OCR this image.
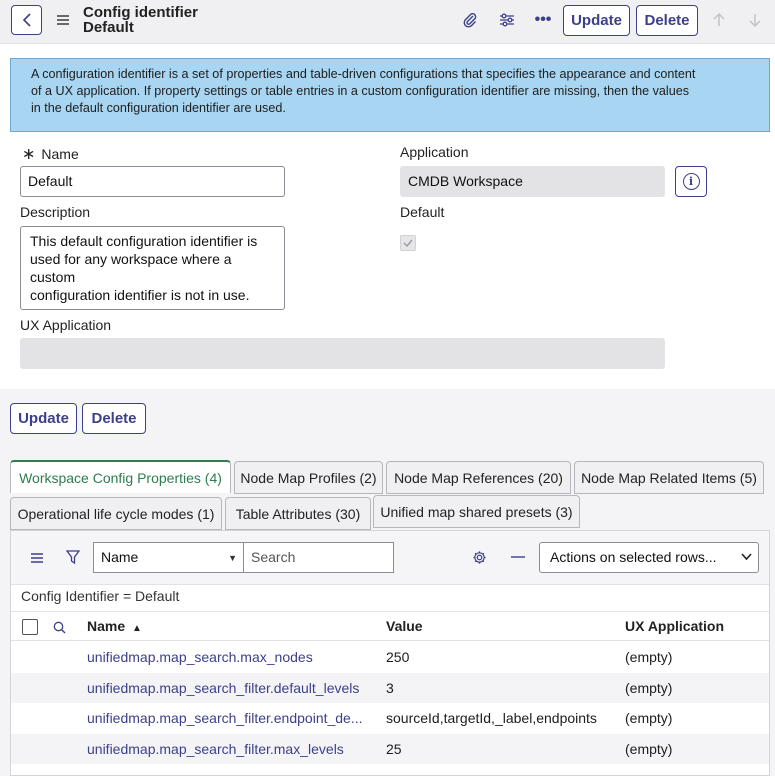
Config identifier
Default	•••	Update	Delete
A configuration identifier is a set of properties and table-driven configurations that specifies the appearance and content
of a UX application. If property settings or table entries in a custom configuration identifier are missing, then the values
in the default configuration identifier are used.
∗ Name
Default
Description
This default configuration identifier is
used for any workspace where a custom
configuration identifier is not in use.
UX Application
Application
CMDB Workspace	i
Default
Update	Delete
Workspace Config Properties (4)	Node Map Profiles (2)	Node Map References (20)	Node Map Related Items (5)
Operational life cycle modes (1)	Table Attributes (30)	Unified map shared presets (3)
Name	▼	Search	Actions on selected rows...
Config Identifier = Default
Name ▲	Value	UX Application
unifiedmap.map_search.max_nodes	250	(empty)
unifiedmap.map_search_filter.default_levels 3	(empty)
unifiedmap.map_search_filter.endpoint_de... sourceId,targetId,_label,endpoints (empty)
unifiedmap.map_search_filter.max_levels	25	(empty)
